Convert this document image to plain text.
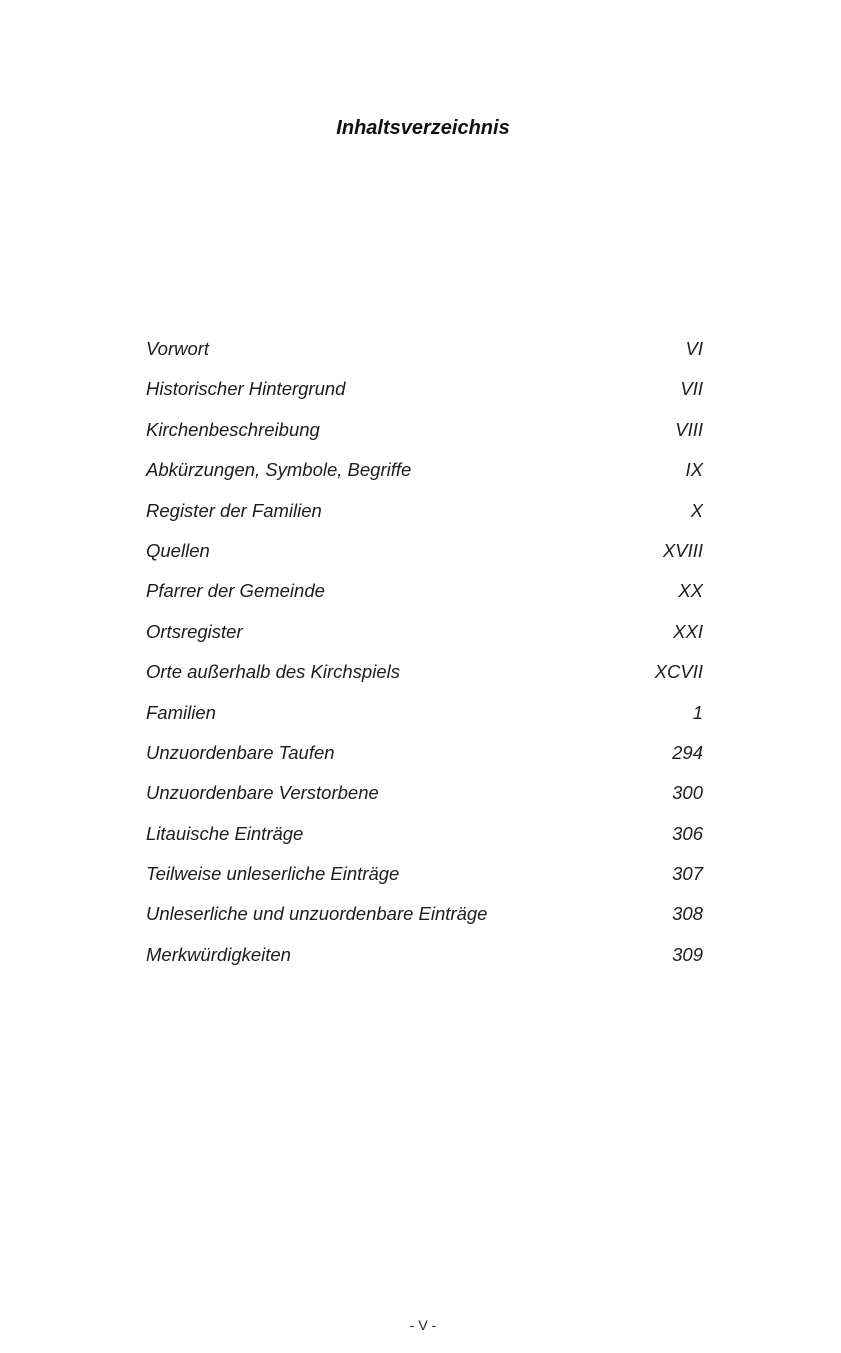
Inhaltsverzeichnis
Vorwort	VI
Historischer Hintergrund	VII
Kirchenbeschreibung	VIII
Abkürzungen, Symbole, Begriffe	IX
Register der Familien	X
Quellen	XVIII
Pfarrer der Gemeinde	XX
Ortsregister	XXI
Orte außerhalb des Kirchspiels	XCVII
Familien	1
Unzuordenbare Taufen	294
Unzuordenbare Verstorbene	300
Litauische Einträge	306
Teilweise unleserliche Einträge	307
Unleserliche und unzuordenbare Einträge	308
Merkwürdigkeiten	309
- V -
